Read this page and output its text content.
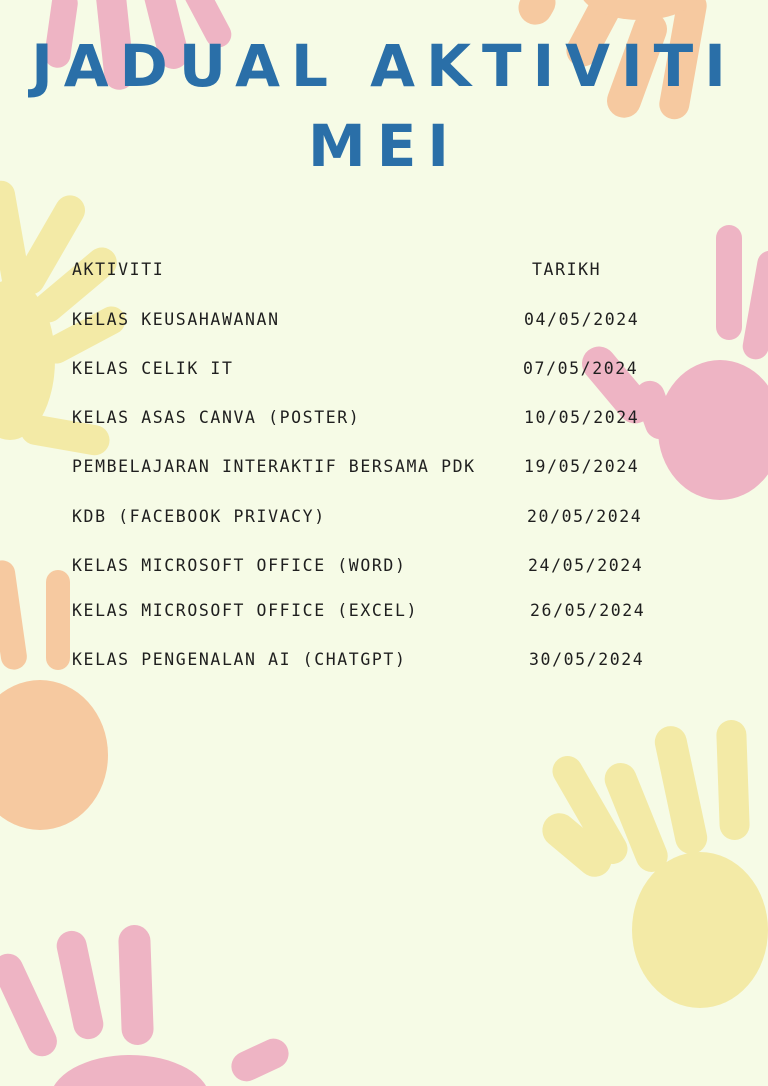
JADUAL AKTIVITI
MEI
AKTIVITI	TARIKH
KELAS KEUSAHAWANAN	04/05/2024
KELAS CELIK IT	07/05/2024
KELAS ASAS CANVA (POSTER)	10/05/2024
PEMBELAJARAN INTERAKTIF BERSAMA PDK	19/05/2024
KDB (FACEBOOK PRIVACY)	20/05/2024
KELAS MICROSOFT OFFICE (WORD)	24/05/2024
KELAS MICROSOFT OFFICE (EXCEL)	26/05/2024
KELAS PENGENALAN AI (CHATGPT)	30/05/2024
